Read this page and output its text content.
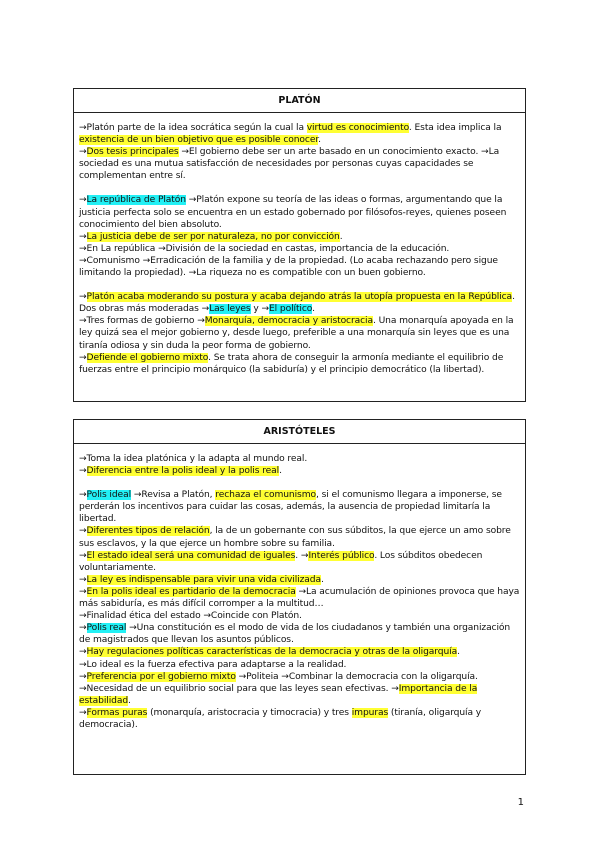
PLATÓN

→Platón parte de la idea socrática según la cual la virtud es conocimiento. Esta idea implica la existencia de un bien objetivo que es posible conocer.

→Dos tesis principales →El gobierno debe ser un arte basado en un conocimiento exacto. →La sociedad es una mutua satisfacción de necesidades por personas cuyas capacidades se complementan entre sí.

→La república de Platón →Platón expone su teoría de las ideas o formas, argumentando que la justicia perfecta solo se encuentra en un estado gobernado por filósofos-reyes, quienes poseen conocimiento del bien absoluto.

→La justicia debe de ser por naturaleza, no por convicción.

→En La república →División de la sociedad en castas, importancia de la educación.

→Comunismo →Erradicación de la familia y de la propiedad. (Lo acaba rechazando pero sigue limitando la propiedad). →La riqueza no es compatible con un buen gobierno.

→Platón acaba moderando su postura y acaba dejando atrás la utopía propuesta en la República. Dos obras más moderadas →Las leyes y →El político.

→Tres formas de gobierno →Monarquía, democracia y aristocracia. Una monarquía apoyada en la ley quizá sea el mejor gobierno y, desde luego, preferible a una monarquía sin leyes que es una tiranía odiosa y sin duda la peor forma de gobierno.

→Defiende el gobierno mixto. Se trata ahora de conseguir la armonía mediante el equilibrio de fuerzas entre el principio monárquico (la sabiduría) y el principio democrático (la libertad).

ARISTÓTELES

→Toma la idea platónica y la adapta al mundo real.

→Diferencia entre la polis ideal y la polis real.

→Polis ideal →Revisa a Platón, rechaza el comunismo, si el comunismo llegara a imponerse, se perderán los incentivos para cuidar las cosas, además, la ausencia de propiedad limitaría la libertad.

→Diferentes tipos de relación, la de un gobernante con sus súbditos, la que ejerce un amo sobre sus esclavos, y la que ejerce un hombre sobre su familia.

→El estado ideal será una comunidad de iguales. →Interés público. Los súbditos obedecen voluntariamente.

→La ley es indispensable para vivir una vida civilizada.

→En la polis ideal es partidario de la democracia →La acumulación de opiniones provoca que haya más sabiduría, es más difícil corromper a la multitud…

→Finalidad ética del estado →Coincide con Platón.

→Polis real →Una constitución es el modo de vida de los ciudadanos y también una organización de magistrados que llevan los asuntos públicos.

→Hay regulaciones políticas características de la democracia y otras de la oligarquía.

→Lo ideal es la fuerza efectiva para adaptarse a la realidad.

→Preferencia por el gobierno mixto →Politeia →Combinar la democracia con la oligarquía.

→Necesidad de un equilibrio social para que las leyes sean efectivas. →Importancia de la estabilidad.

→Formas puras (monarquía, aristocracia y timocracia) y tres impuras (tiranía, oligarquía y democracia).

1
